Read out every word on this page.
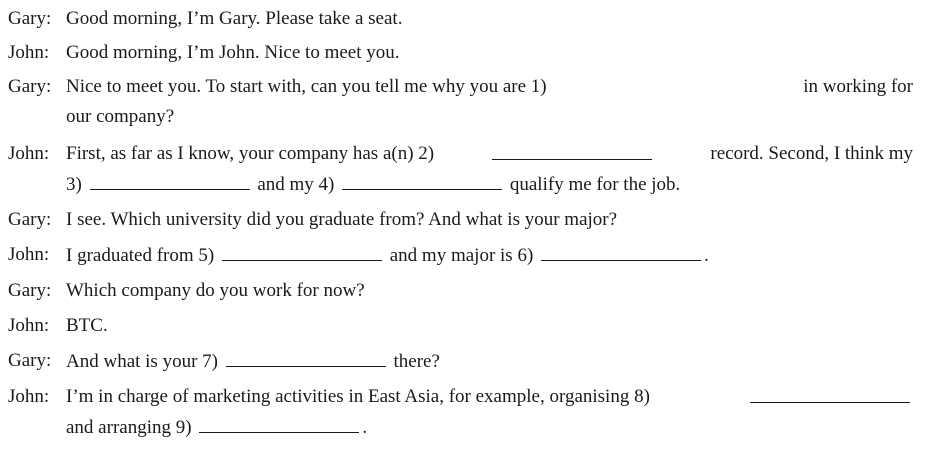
Gary: Good morning, I’m Gary. Please take a seat.
John: Good morning, I’m John. Nice to meet you.
Gary: Nice to meet you. To start with, can you tell me why you are 1)	in working for
our company?
John: First, as far as I know, your company has a(n) 2)	record. Second, I think my
3)	and my 4)	qualify me for the job.
Gary: I see. Which university did you graduate from? And what is your major?
John: I graduated from 5)	and my major is 6)	.
Gary: Which company do you work for now?
John: BTC.
Gary: And what is your 7)	there?
John: I’m in charge of marketing activities in East Asia, for example, organising 8)
and arranging 9)	.
